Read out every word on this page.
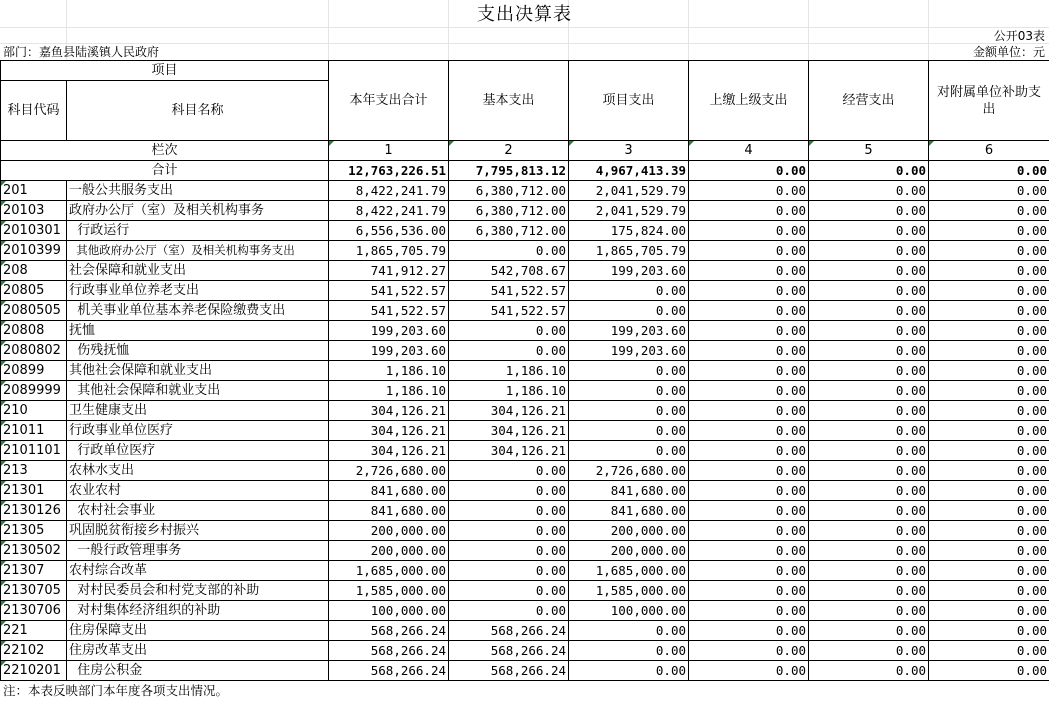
支出决算表
公开03表
部门：嘉鱼县陆溪镇人民政府	金额单位：元
项目		本年支出合计	基本支出	项目支出	上缴上级支出	经营支出	对附属单位补助支出
科目代码	科目名称						
栏次		1	2	3	4	5	6
合计		12,763,226.51	7,795,813.12	4,967,413.39	0.00	0.00	0.00
201	一般公共服务支出	8,422,241.79	6,380,712.00	2,041,529.79	0.00	0.00	0.00
20103	政府办公厅（室）及相关机构事务	8,422,241.79	6,380,712.00	2,041,529.79	0.00	0.00	0.00
2010301	行政运行	6,556,536.00	6,380,712.00	175,824.00	0.00	0.00	0.00
2010399	其他政府办公厅（室）及相关机构事务支出	1,865,705.79	0.00	1,865,705.79	0.00	0.00	0.00
208	社会保障和就业支出	741,912.27	542,708.67	199,203.60	0.00	0.00	0.00
20805	行政事业单位养老支出	541,522.57	541,522.57	0.00	0.00	0.00	0.00
2080505	机关事业单位基本养老保险缴费支出	541,522.57	541,522.57	0.00	0.00	0.00	0.00
20808	抚恤	199,203.60	0.00	199,203.60	0.00	0.00	0.00
2080802	伤残抚恤	199,203.60	0.00	199,203.60	0.00	0.00	0.00
20899	其他社会保障和就业支出	1,186.10	1,186.10	0.00	0.00	0.00	0.00
2089999	其他社会保障和就业支出	1,186.10	1,186.10	0.00	0.00	0.00	0.00
210	卫生健康支出	304,126.21	304,126.21	0.00	0.00	0.00	0.00
21011	行政事业单位医疗	304,126.21	304,126.21	0.00	0.00	0.00	0.00
2101101	行政单位医疗	304,126.21	304,126.21	0.00	0.00	0.00	0.00
213	农林水支出	2,726,680.00	0.00	2,726,680.00	0.00	0.00	0.00
21301	农业农村	841,680.00	0.00	841,680.00	0.00	0.00	0.00
2130126	农村社会事业	841,680.00	0.00	841,680.00	0.00	0.00	0.00
21305	巩固脱贫衔接乡村振兴	200,000.00	0.00	200,000.00	0.00	0.00	0.00
2130502	一般行政管理事务	200,000.00	0.00	200,000.00	0.00	0.00	0.00
21307	农村综合改革	1,685,000.00	0.00	1,685,000.00	0.00	0.00	0.00
2130705	对村民委员会和村党支部的补助	1,585,000.00	0.00	1,585,000.00	0.00	0.00	0.00
2130706	对村集体经济组织的补助	100,000.00	0.00	100,000.00	0.00	0.00	0.00
221	住房保障支出	568,266.24	568,266.24	0.00	0.00	0.00	0.00
22102	住房改革支出	568,266.24	568,266.24	0.00	0.00	0.00	0.00
2210201	住房公积金	568,266.24	568,266.24	0.00	0.00	0.00	0.00
注：本表反映部门本年度各项支出情况。
